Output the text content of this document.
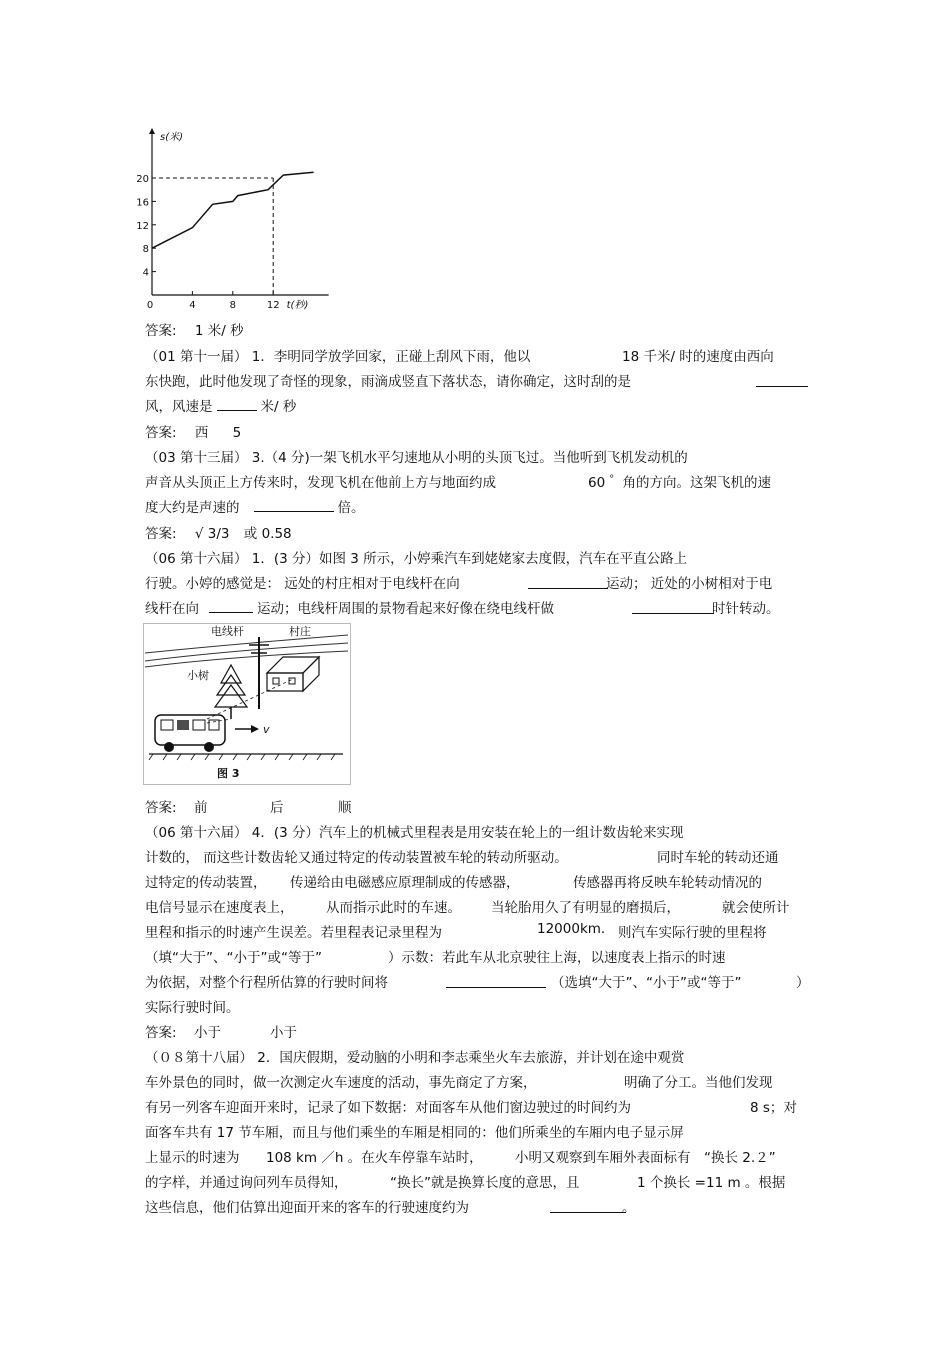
4
8
12
16
20
0	4	8	12
s(米)
t(秒)
答案: 1 米/ 秒
（01 第十一届） 1．李明同学放学回家，正碰上刮风下雨，他以	18 千米/ 时的速度由西向
东快跑，此时他发现了奇怪的现象，雨滴成竖直下落状态，请你确定，这时刮的是
风，风速是	米/ 秒
答案: 西 5
（03 第十三届） 3.（4 分)一架飞机水平匀速地从小明的头顶飞过。当他听到飞机发动机的
声音从头顶正上方传来时，发现飞机在他前上方与地面约成	60 ° 角的方向。这架飞机的速
度大约是声速的	倍。
答案: √ 3/3 或 0.58
（06 第十六届） 1．(3 分）如图 3 所示，小婷乘汽车到姥姥家去度假，汽车在平直公路上
行驶。小婷的感觉是： 远处的村庄相对于电线杆在向	运动； 近处的小树相对于电
线杆在向	运动；电线杆周围的景物看起来好像在绕电线杆做	时针转动。
电线杆	村庄
小树
v
图 3
答案: 前	后	顺
（06 第十六届） 4．(3 分）汽车上的机械式里程表是用安装在轮上的一组计数齿轮来实现
计数的， 而这些计数齿轮又通过特定的传动装置被车轮的转动所驱动。	同时车轮的转动还通
过特定的传动装置， 传递给由电磁感应原理制成的传感器，	传感器再将反映车轮转动情况的
电信号显示在速度表上， 从而指示此时的车速。 当轮胎用久了有明显的磨损后，	就会使所计
里程和指示的时速产生误差。若里程表记录里程为	12000km. 则汽车实际行驶的里程将
（填“大于”、“小于”或“等于”	）示数：若此车从北京驶往上海，以速度表上指示的时速
为依据，对整个行程所估算的行驶时间将	（选填“大于”、“小于”或“等于”	）
实际行驶时间。
答案: 小于	小于
（０８第十八届） 2．国庆假期，爱动脑的小明和李志乘坐火车去旅游，并计划在途中观赏
车外景色的同时，做一次测定火车速度的活动，事先商定了方案，	明确了分工。当他们发现
有另一列客车迎面开来时，记录了如下数据：对面客车从他们窗边驶过的时间约为	8 s；对
面客车共有 17 节车厢，而且与他们乘坐的车厢是相同的：他们所乘坐的车厢内电子显示屏
上显示的时速为 108 km ／h 。在火车停靠车站时， 小明又观察到车厢外表面标有 “换长 2.２”
的字样，并通过询问列车员得知，	“换长”就是换算长度的意思，且	1 个换长 =11 m 。根据
这些信息，他们估算出迎面开来的客车的行驶速度约为	。
